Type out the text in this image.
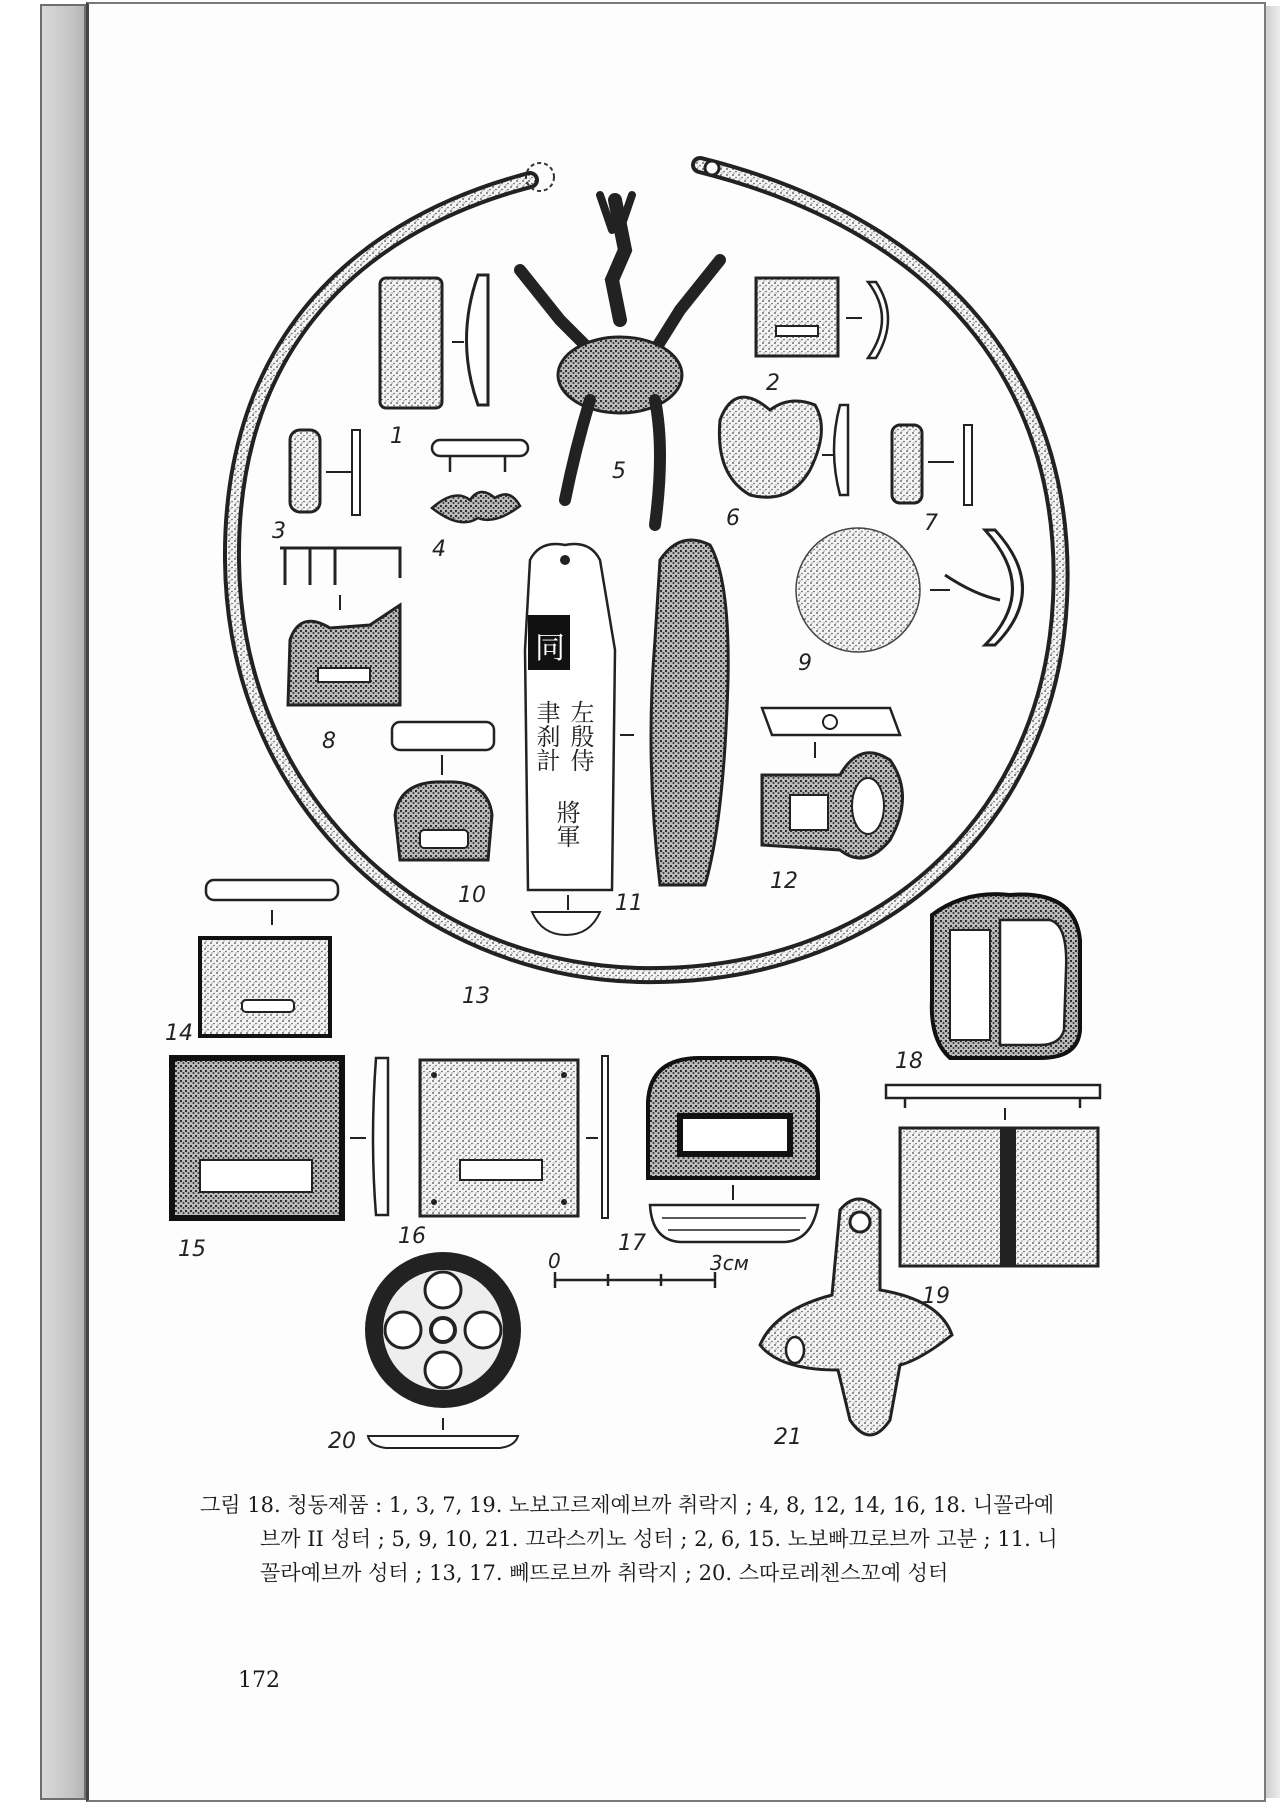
0	3см
同
左殷侍
將軍
聿刹計
1
2
3
4
5
6	7
8
9
10	11
12
13
14
15
16	17
18
19
20	21
그림 18. 청동제품 : 1, 3, 7, 19. 노보고르제예브까 취락지 ; 4, 8, 12, 14, 16, 18. 니꼴라예
브까 II 성터 ; 5, 9, 10, 21. 끄라스끼노 성터 ; 2, 6, 15. 노보빠끄로브까 고분 ; 11. 니
꼴라예브까 성터 ; 13, 17. 뻬뜨로브까 취락지 ; 20. 스따로레첸스꼬예 성터
172
